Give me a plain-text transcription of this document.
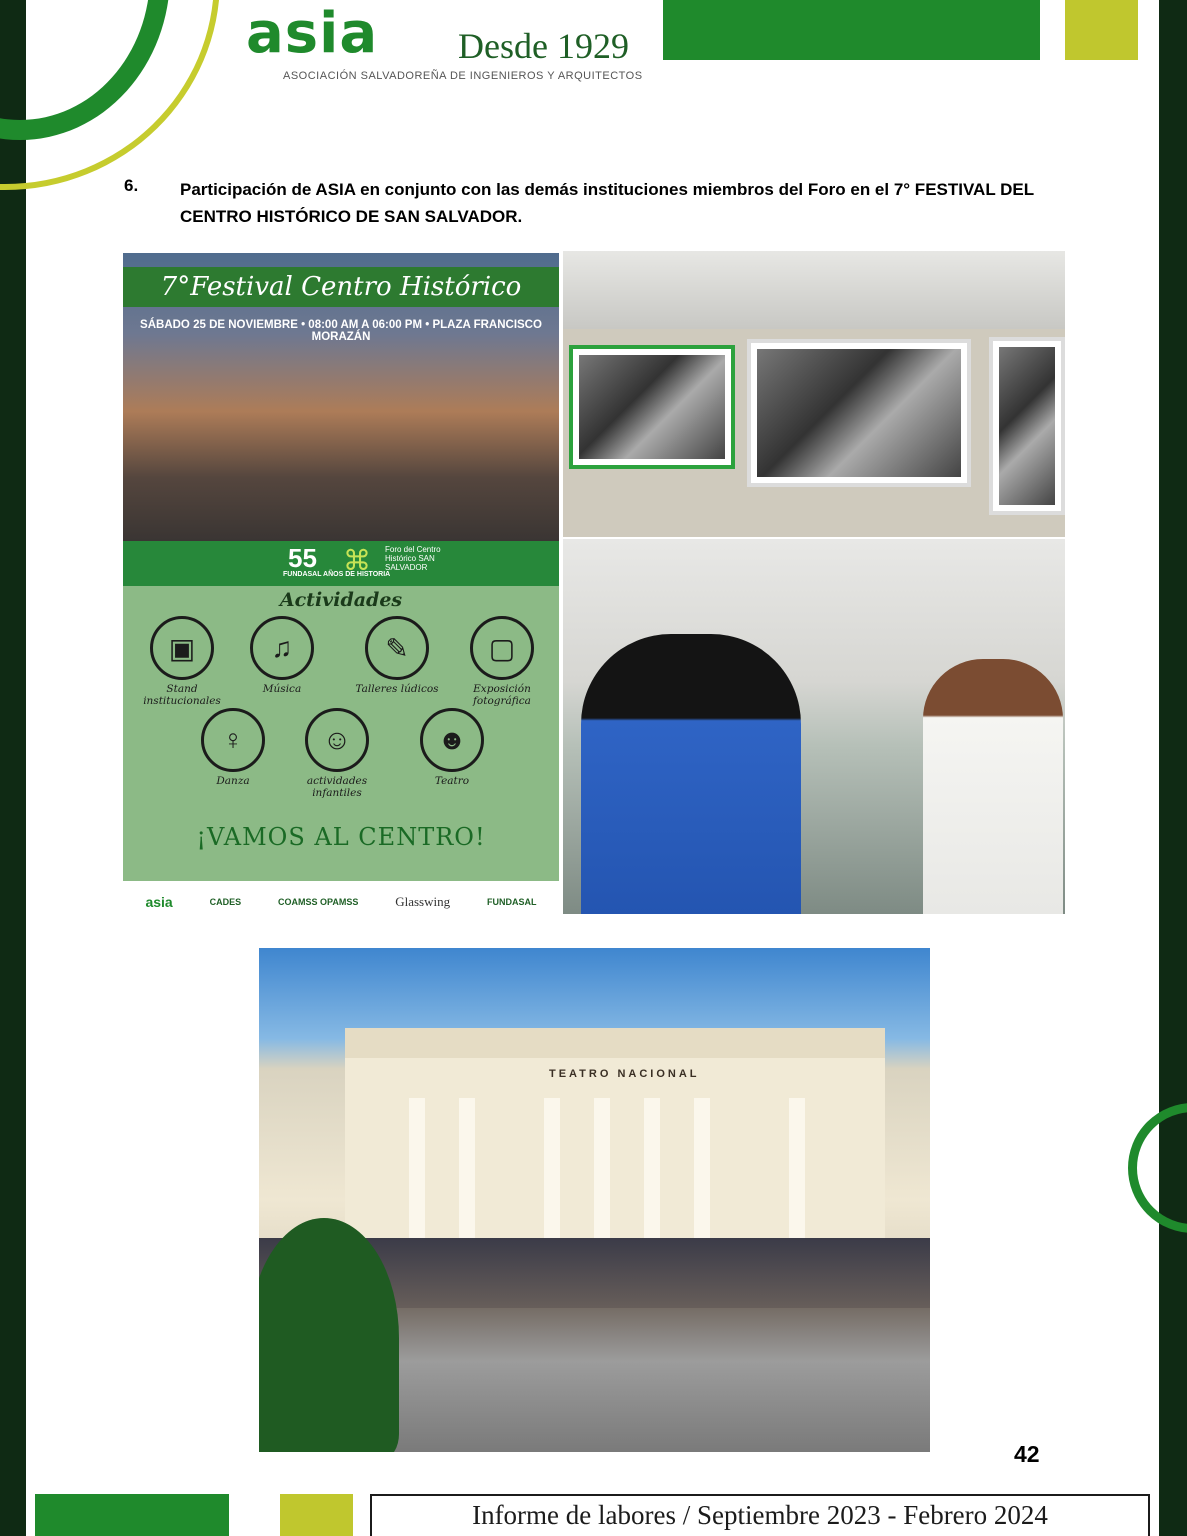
asia Desde 1929
ASOCIACIÓN SALVADOREÑA DE INGENIEROS Y ARQUITECTOS
6. Participación de ASIA en conjunto con las demás instituciones miembros del Foro en el 7° FESTIVAL DEL CENTRO HISTÓRICO DE SAN SALVADOR.
7°Festival Centro Histórico
SÁBADO 25 DE NOVIEMBRE • 08:00 AM A 06:00 PM • PLAZA FRANCISCO MORAZÁN
55
FUNDASAL AÑOS DE HISTORIA
⌘ Foro del Centro Histórico SAN SALVADOR
Actividades
▣
Stand institucionales
♫
Música
✎
Talleres lúdicos
▢
Exposición fotográfica
♀
Danza
☺
actividades infantiles
☻
Teatro
¡VAMOS AL CENTRO!
asia	CADES	COAMSS OPAMSS	Glasswing	FUNDASAL
TEATRO NACIONAL
42
Informe de labores / Septiembre 2023 - Febrero 2024
